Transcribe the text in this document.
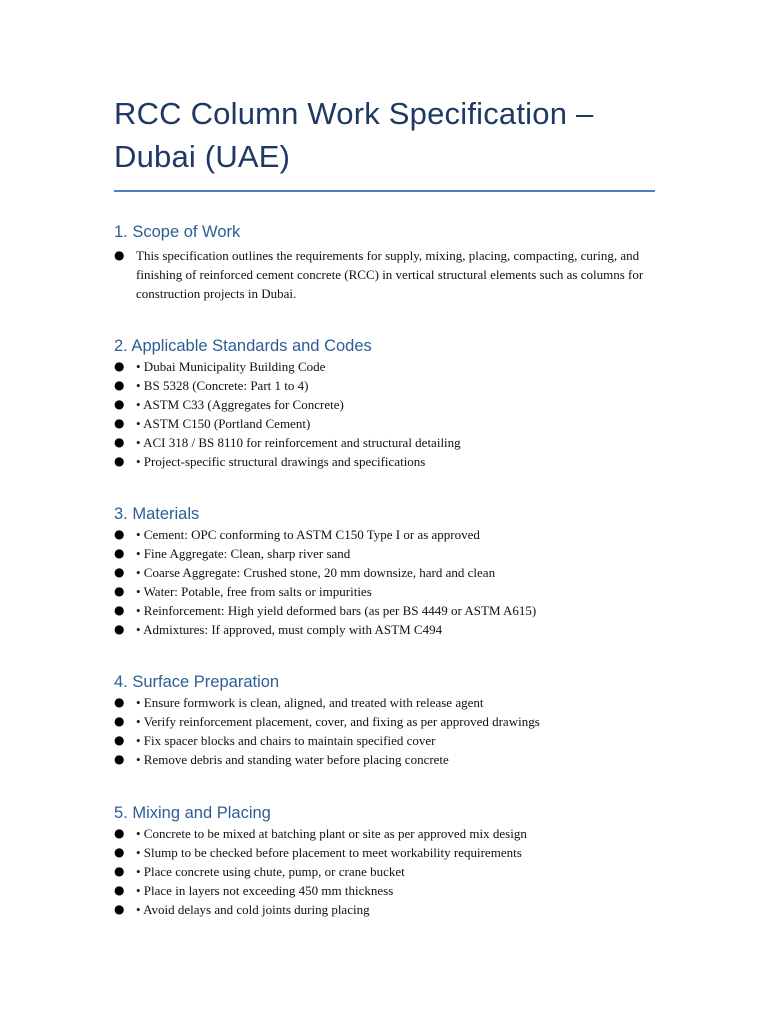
RCC Column Work Specification – Dubai (UAE)
1. Scope of Work
● This specification outlines the requirements for supply, mixing, placing, compacting, curing, and finishing of reinforced cement concrete (RCC) in vertical structural elements such as columns for construction projects in Dubai.
2. Applicable Standards and Codes
● • Dubai Municipality Building Code
● • BS 5328 (Concrete: Part 1 to 4)
● • ASTM C33 (Aggregates for Concrete)
● • ASTM C150 (Portland Cement)
● • ACI 318 / BS 8110 for reinforcement and structural detailing
● • Project-specific structural drawings and specifications
3. Materials
● • Cement: OPC conforming to ASTM C150 Type I or as approved
● • Fine Aggregate: Clean, sharp river sand
● • Coarse Aggregate: Crushed stone, 20 mm downsize, hard and clean
● • Water: Potable, free from salts or impurities
● • Reinforcement: High yield deformed bars (as per BS 4449 or ASTM A615)
● • Admixtures: If approved, must comply with ASTM C494
4. Surface Preparation
● • Ensure formwork is clean, aligned, and treated with release agent
● • Verify reinforcement placement, cover, and fixing as per approved drawings
● • Fix spacer blocks and chairs to maintain specified cover
● • Remove debris and standing water before placing concrete
5. Mixing and Placing
● • Concrete to be mixed at batching plant or site as per approved mix design
● • Slump to be checked before placement to meet workability requirements
● • Place concrete using chute, pump, or crane bucket
● • Place in layers not exceeding 450 mm thickness
● • Avoid delays and cold joints during placing
